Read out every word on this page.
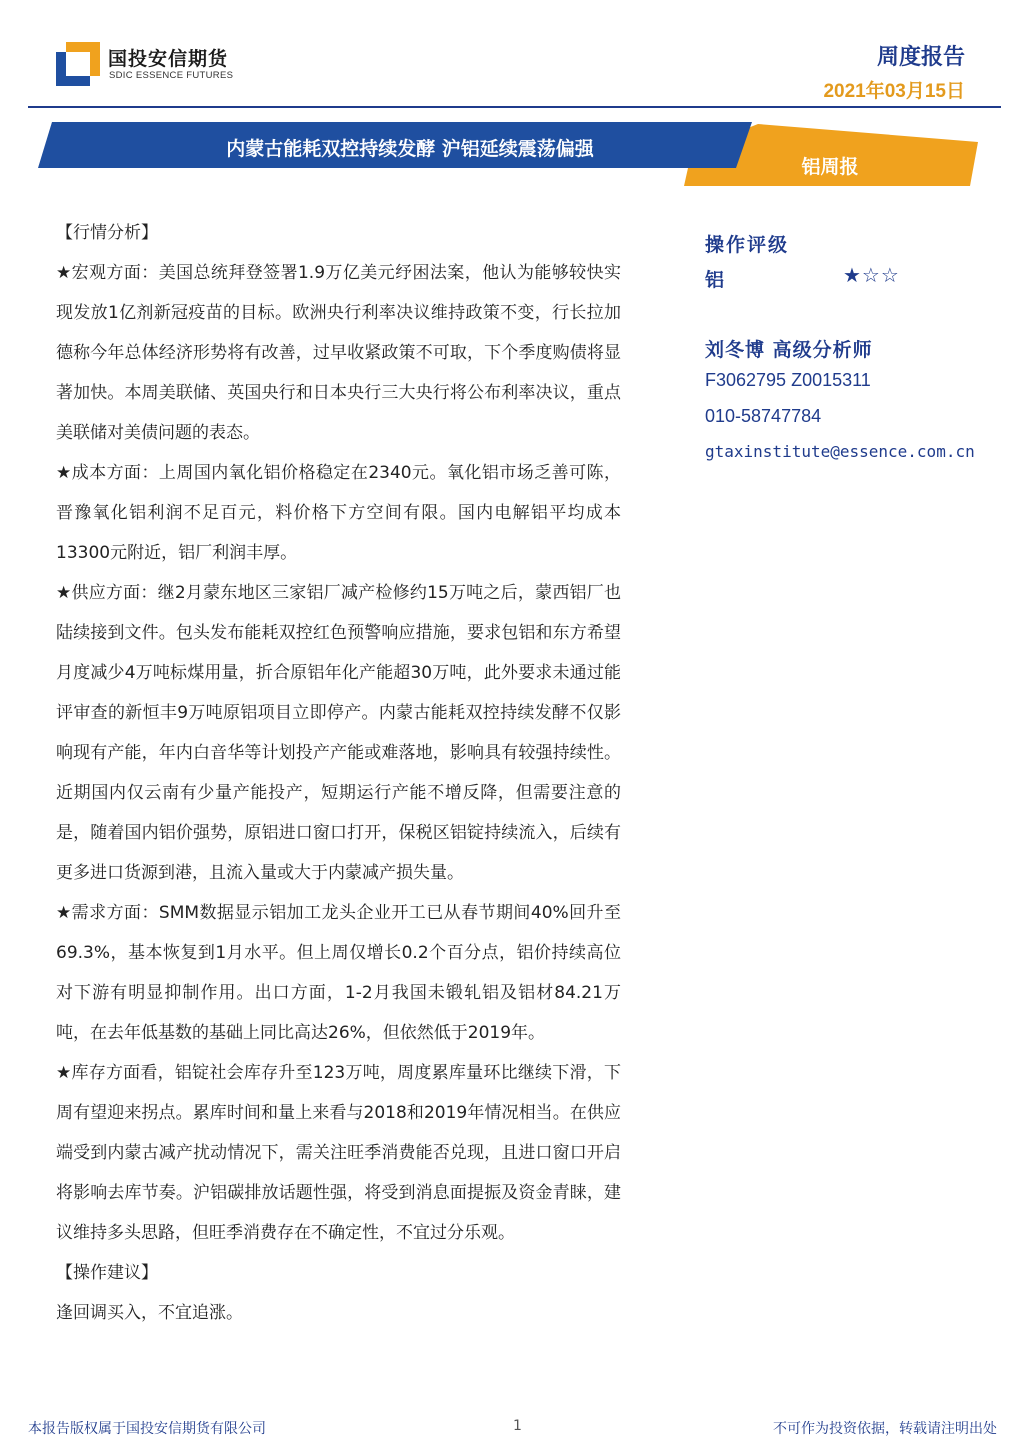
国投安信期货
SDIC ESSENCE FUTURES
周度报告
2021年03月15日
内蒙古能耗双控持续发酵 沪铝延续震荡偏强
铝周报

【行情分析】

★宏观方面：美国总统拜登签署1.9万亿美元纾困法案，他认为能够较快实现发放1亿剂新冠疫苗的目标。欧洲央行利率决议维持政策不变，行长拉加德称今年总体经济形势将有改善，过早收紧政策不可取，下个季度购债将显著加快。本周美联储、英国央行和日本央行三大央行将公布利率决议，重点美联储对美债问题的表态。

★成本方面：上周国内氧化铝价格稳定在2340元。氧化铝市场乏善可陈，晋豫氧化铝利润不足百元，料价格下方空间有限。国内电解铝平均成本13300元附近，铝厂利润丰厚。

★供应方面：继2月蒙东地区三家铝厂减产检修约15万吨之后，蒙西铝厂也陆续接到文件。包头发布能耗双控红色预警响应措施，要求包铝和东方希望月度减少4万吨标煤用量，折合原铝年化产能超30万吨，此外要求未通过能评审查的新恒丰9万吨原铝项目立即停产。内蒙古能耗双控持续发酵不仅影响现有产能，年内白音华等计划投产产能或难落地，影响具有较强持续性。近期国内仅云南有少量产能投产，短期运行产能不增反降，但需要注意的是，随着国内铝价强势，原铝进口窗口打开，保税区铝锭持续流入，后续有更多进口货源到港，且流入量或大于内蒙减产损失量。

★需求方面：SMM数据显示铝加工龙头企业开工已从春节期间40%回升至69.3%，基本恢复到1月水平。但上周仅增长0.2个百分点，铝价持续高位对下游有明显抑制作用。出口方面，1-2月我国未锻轧铝及铝材84.21万吨，在去年低基数的基础上同比高达26%，但依然低于2019年。

★库存方面看，铝锭社会库存升至123万吨，周度累库量环比继续下滑，下周有望迎来拐点。累库时间和量上来看与2018和2019年情况相当。在供应端受到内蒙古减产扰动情况下，需关注旺季消费能否兑现，且进口窗口开启将影响去库节奏。沪铝碳排放话题性强，将受到消息面提振及资金青睐，建议维持多头思路，但旺季消费存在不确定性，不宜过分乐观。

【操作建议】

逢回调买入，不宜追涨。

操作评级
铝	★☆☆
刘冬博 高级分析师
F3062795 Z0015311
010-58747784
gtaxinstitute@essence.com.cn
本报告版权属于国投安信期货有限公司	1	不可作为投资依据，转载请注明出处
